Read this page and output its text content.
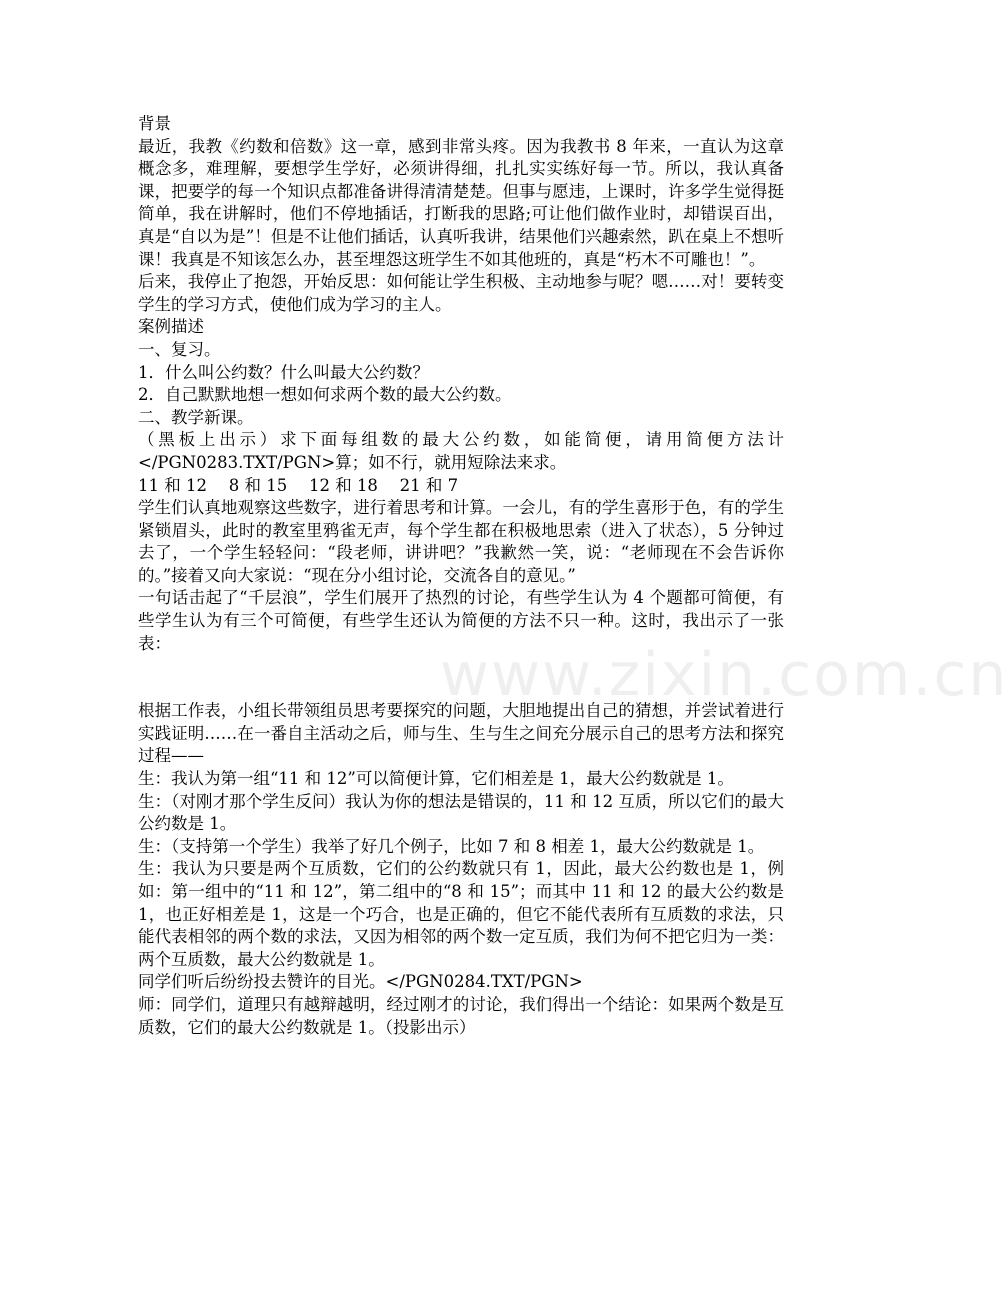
www.zixin.com.cn

背景

最近，我教《约数和倍数》这一章，感到非常头疼。因为我教书 8 年来，一直认为这章概念多，难理解，要想学生学好，必须讲得细，扎扎实实练好每一节。所以，我认真备课，把要学的每一个知识点都准备讲得清清楚楚。但事与愿违，上课时，许多学生觉得挺简单，我在讲解时，他们不停地插话，打断我的思路;可让他们做作业时，却错误百出，真是“自以为是”！但是不让他们插话，认真听我讲，结果他们兴趣索然，趴在桌上不想听课！我真是不知该怎么办，甚至埋怨这班学生不如其他班的，真是“朽木不可雕也！”。

后来，我停止了抱怨，开始反思：如何能让学生积极、主动地参与呢？嗯……对！要转变学生的学习方式，使他们成为学习的主人。

案例描述

一、复习。

1．什么叫公约数？什么叫最大公约数？

2．自己默默地想一想如何求两个数的最大公约数。

二、教学新课。

（黑板上出示）求下面每组数的最大公约数，如能简便，请用简便方法计</PGN0283.TXT/PGN>算；如不行，就用短除法来求。

11 和 12　 8 和 15　 12 和 18　 21 和 7

学生们认真地观察这些数字，进行着思考和计算。一会儿，有的学生喜形于色，有的学生紧锁眉头，此时的教室里鸦雀无声，每个学生都在积极地思索（进入了状态），5 分钟过去了，一个学生轻轻问：“段老师，讲讲吧？”我歉然一笑，说：“老师现在不会告诉你的。”接着又向大家说：“现在分小组讨论，交流各自的意见。”

一句话击起了“千层浪”，学生们展开了热烈的讨论，有些学生认为 4 个题都可简便，有些学生认为有三个可简便，有些学生还认为简便的方法不只一种。这时，我出示了一张表：

根据工作表，小组长带领组员思考要探究的问题，大胆地提出自己的猜想，并尝试着进行实践证明……在一番自主活动之后，师与生、生与生之间充分展示自己的思考方法和探究过程——

生：我认为第一组“11 和 12”可以简便计算，它们相差是 1，最大公约数就是 1。

生：（对刚才那个学生反问）我认为你的想法是错误的，11 和 12 互质，所以它们的最大公约数是 1。

生：（支持第一个学生）我举了好几个例子，比如 7 和 8 相差 1，最大公约数就是 1。

生：我认为只要是两个互质数，它们的公约数就只有 1，因此，最大公约数也是 1，例如：第一组中的“11 和 12”，第二组中的“8 和 15”；而其中 11 和 12 的最大公约数是 1，也正好相差是 1，这是一个巧合，也是正确的，但它不能代表所有互质数的求法，只能代表相邻的两个数的求法，又因为相邻的两个数一定互质，我们为何不把它归为一类：两个互质数，最大公约数就是 1。

同学们听后纷纷投去赞许的目光。</PGN0284.TXT/PGN>

师：同学们，道理只有越辩越明，经过刚才的讨论，我们得出一个结论：如果两个数是互质数，它们的最大公约数就是 1。（投影出示）
